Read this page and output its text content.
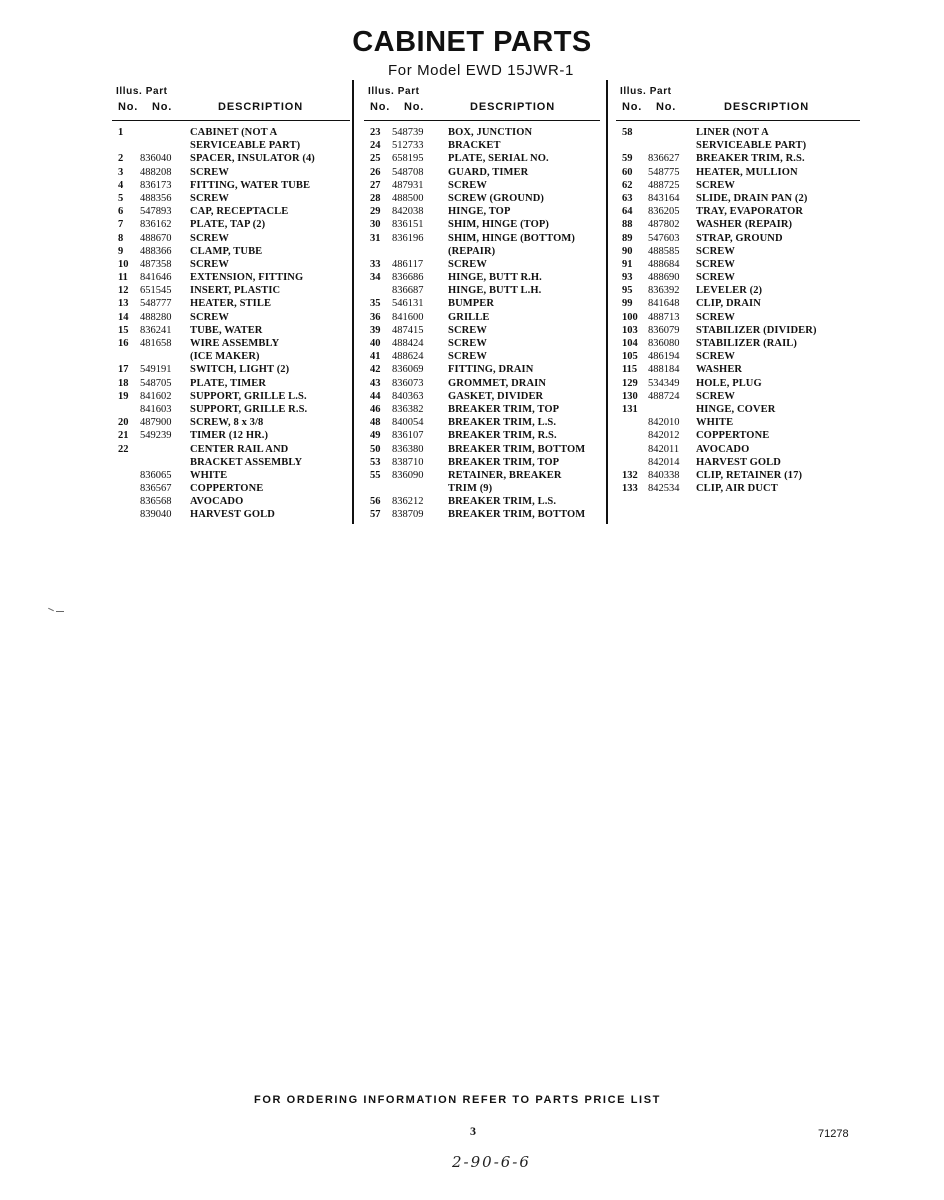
CABINET PARTS
For Model EWD 15JWR-1
Illus. Part
No. No.	DESCRIPTION
1	CABINET (NOT A
SERVICEABLE PART)
2 836040 SPACER, INSULATOR (4)
3 488208 SCREW
4 836173 FITTING, WATER TUBE
5 488356 SCREW
6 547893 CAP, RECEPTACLE
7 836162 PLATE, TAP (2)
8 488670 SCREW
9 488366 CLAMP, TUBE
10 487358 SCREW
11 841646 EXTENSION, FITTING
12 651545 INSERT, PLASTIC
13 548777 HEATER, STILE
14 488280 SCREW
15 836241 TUBE, WATER
16 481658 WIRE ASSEMBLY
(ICE MAKER)
17 549191 SWITCH, LIGHT (2)
18 548705 PLATE, TIMER
19 841602 SUPPORT, GRILLE L.S.
841603 SUPPORT, GRILLE R.S.
20 487900 SCREW, 8 x 3/8
21 549239 TIMER (12 HR.)
22	CENTER RAIL AND
BRACKET ASSEMBLY
836065 WHITE
836567 COPPERTONE
836568 AVOCADO
839040 HARVEST GOLD
Illus. Part
No. No.	DESCRIPTION
23 548739 BOX, JUNCTION
24 512733 BRACKET
25 658195 PLATE, SERIAL NO.
26 548708 GUARD, TIMER
27 487931 SCREW
28 488500 SCREW (GROUND)
29 842038 HINGE, TOP
30 836151 SHIM, HINGE (TOP)
31 836196 SHIM, HINGE (BOTTOM)
(REPAIR)
33 486117 SCREW
34 836686 HINGE, BUTT R.H.
836687 HINGE, BUTT L.H.
35 546131 BUMPER
36 841600 GRILLE
39 487415 SCREW
40 488424 SCREW
41 488624 SCREW
42 836069 FITTING, DRAIN
43 836073 GROMMET, DRAIN
44 840363 GASKET, DIVIDER
46 836382 BREAKER TRIM, TOP
48 840054 BREAKER TRIM, L.S.
49 836107 BREAKER TRIM, R.S.
50 836380 BREAKER TRIM, BOTTOM
53 838710 BREAKER TRIM, TOP
55 836090 RETAINER, BREAKER
TRIM (9)
56 836212 BREAKER TRIM, L.S.
57 838709 BREAKER TRIM, BOTTOM
Illus. Part
No. No.	DESCRIPTION
58	LINER (NOT A
SERVICEABLE PART)
59 836627 BREAKER TRIM, R.S.
60 548775 HEATER, MULLION
62 488725 SCREW
63 843164 SLIDE, DRAIN PAN (2)
64 836205 TRAY, EVAPORATOR
88 487802 WASHER (REPAIR)
89 547603 STRAP, GROUND
90 488585 SCREW
91 488684 SCREW
93 488690 SCREW
95 836392 LEVELER (2)
99 841648 CLIP, DRAIN
100 488713 SCREW
103 836079 STABILIZER (DIVIDER)
104 836080 STABILIZER (RAIL)
105 486194 SCREW
115 488184 WASHER
129 534349 HOLE, PLUG
130 488724 SCREW
131	HINGE, COVER
842010 WHITE
842012 COPPERTONE
842011 AVOCADO
842014 HARVEST GOLD
132 840338 CLIP, RETAINER (17)
133 842534 CLIP, AIR DUCT
FOR ORDERING INFORMATION REFER TO PARTS PRICE LIST
3	71278
2-90-6-6
